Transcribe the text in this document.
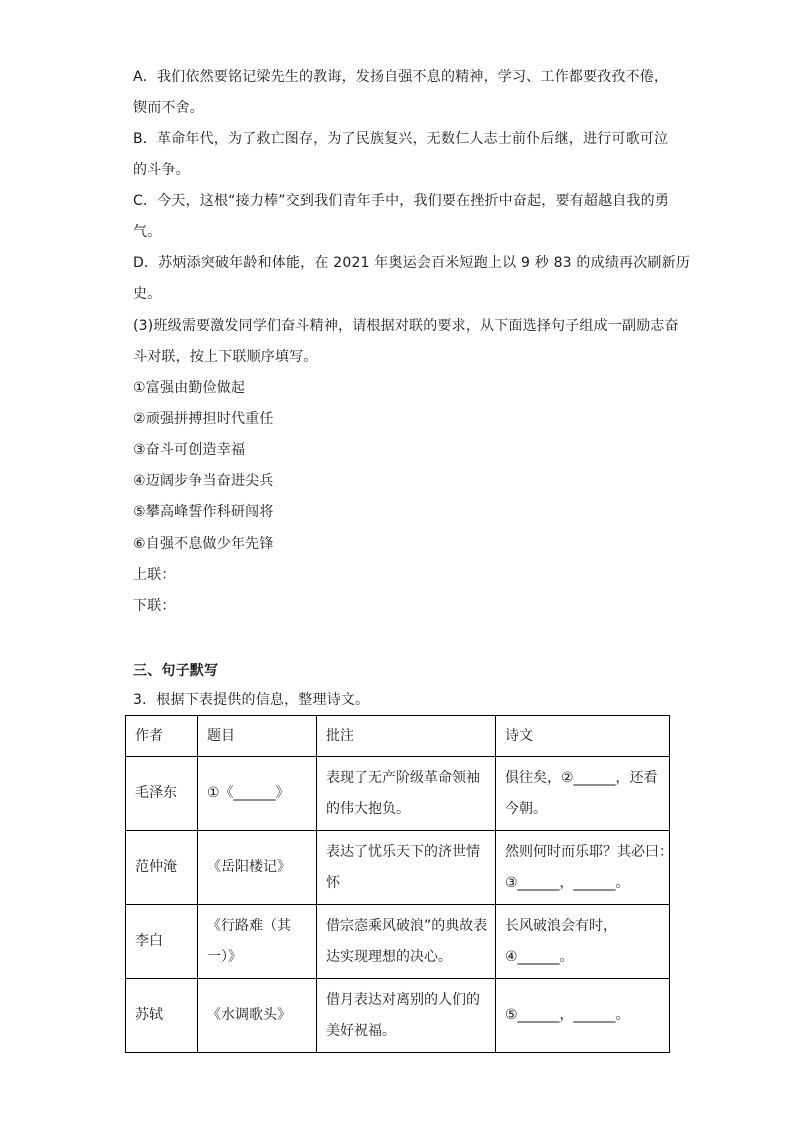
A．我们依然要铭记梁先生的教诲，发扬自强不息的精神，学习、工作都要孜孜不倦，
锲而不舍。
B．革命年代，为了救亡图存，为了民族复兴，无数仁人志士前仆后继，进行可歌可泣
的斗争。
C．今天，这根“接力棒”交到我们青年手中，我们要在挫折中奋起，要有超越自我的勇
气。
D．苏炳添突破年龄和体能，在 2021 年奥运会百米短跑上以 9 秒 83 的成绩再次刷新历
史。
(3)班级需要激发同学们奋斗精神，请根据对联的要求，从下面选择句子组成一副励志奋
斗对联，按上下联顺序填写。
①富强由勤俭做起
②顽强拼搏担时代重任
③奋斗可创造幸福
④迈阔步争当奋进尖兵
⑤攀高峰誓作科研闯将
⑥自强不息做少年先锋
上联：
下联：
三、句子默写
3．根据下表提供的信息，整理诗文。
作者	题目	批注	诗文
毛泽东	①《______》	表现了无产阶级革命领袖
的伟大抱负。	俱往矣，②______，还看
今朝。

范仲淹	《岳阳楼记》	表达了忧乐天下的济世情
怀	然则何时而乐耶？其必曰：
③______，______。

李白	《行路难（其
一）》	借宗悫乘风破浪”的典故表
达实现理想的决心。	长风破浪会有时，
④______。

苏轼	《水调歌头》	借月表达对离别的人们的
美好祝福。	⑤______，______。
